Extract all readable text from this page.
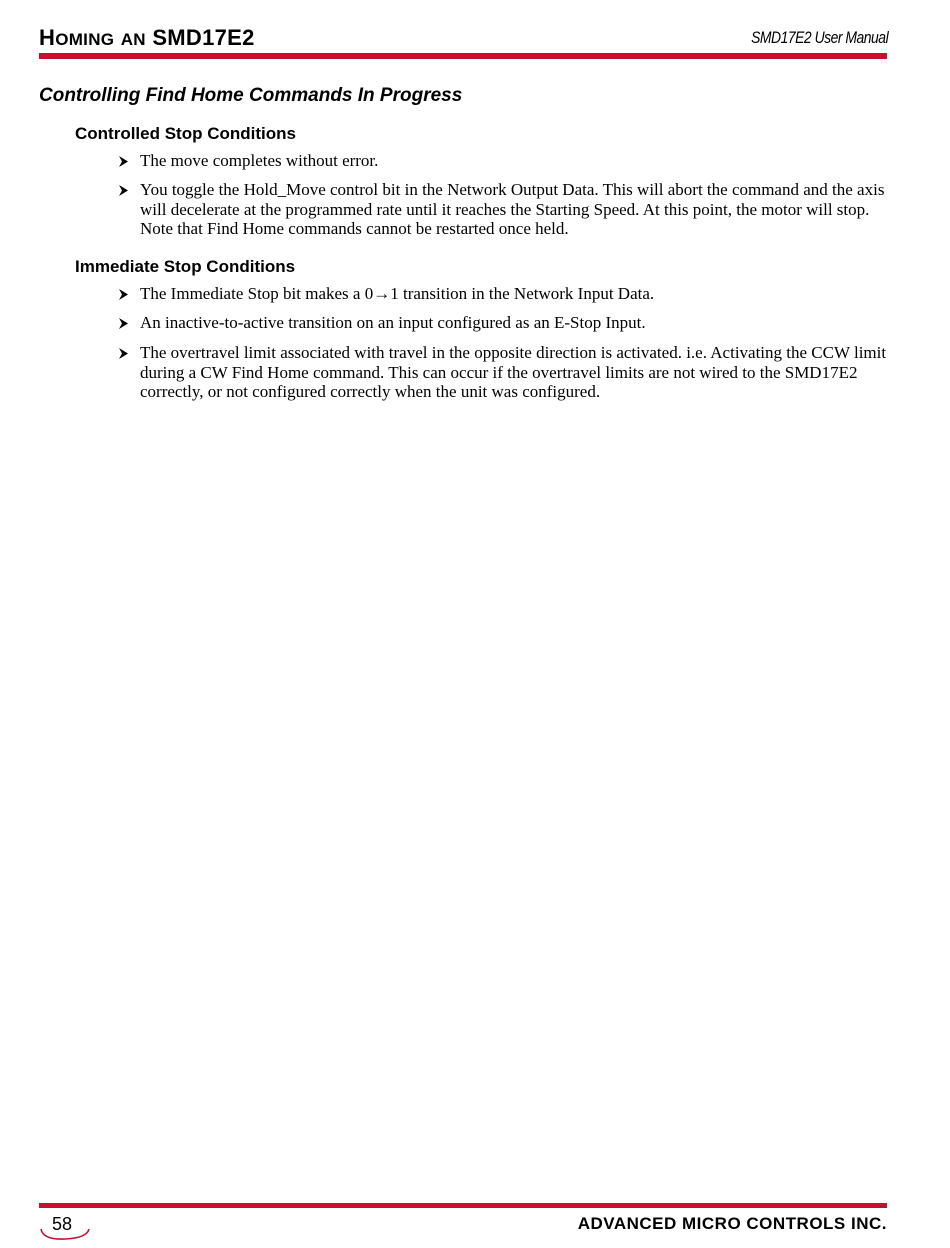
HOMING AN SMD17E2	SMD17E2 User Manual
Controlling Find Home Commands In Progress
Controlled Stop Conditions
The move completes without error.
You toggle the Hold_Move control bit in the Network Output Data. This will abort the command and the axis will decelerate at the programmed rate until it reaches the Starting Speed. At this point, the motor will stop. Note that Find Home commands cannot be restarted once held.
Immediate Stop Conditions
The Immediate Stop bit makes a 0→1 transition in the Network Input Data.
An inactive-to-active transition on an input configured as an E-Stop Input.
The overtravel limit associated with travel in the opposite direction is activated. i.e. Activating the CCW limit during a CW Find Home command. This can occur if the overtravel limits are not wired to the SMD17E2 correctly, or not configured correctly when the unit was configured.
58	ADVANCED MICRO CONTROLS INC.
